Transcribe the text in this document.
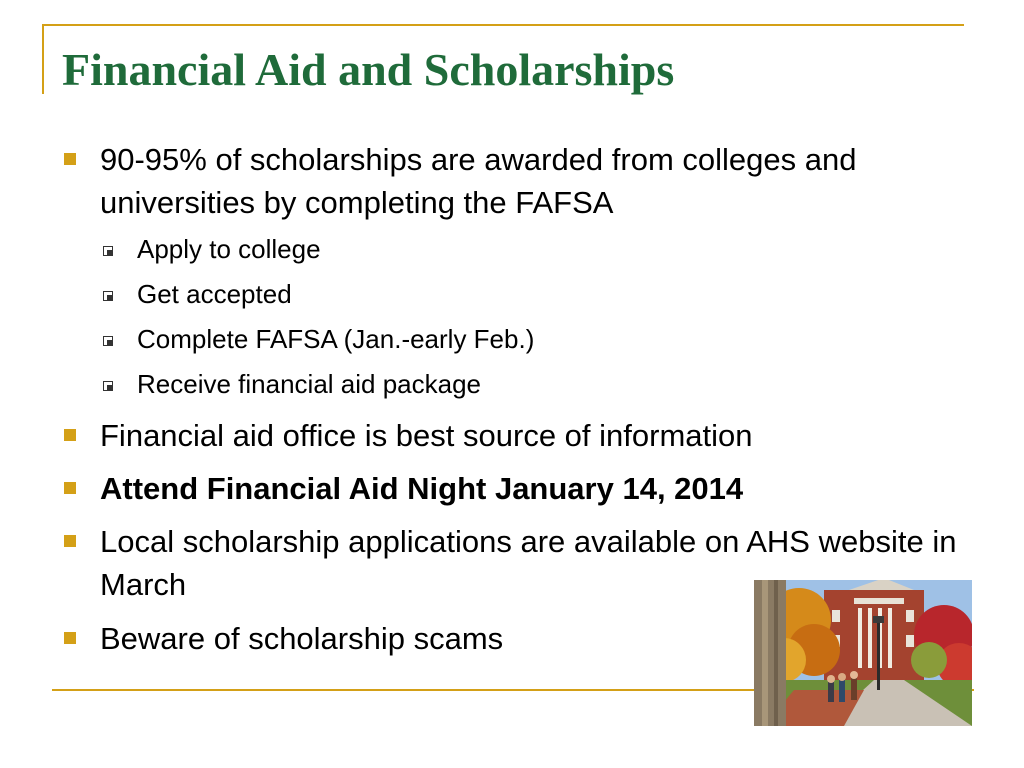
Financial Aid and Scholarships
90-95% of scholarships are awarded from colleges and universities by completing the FAFSA
Apply to college
Get accepted
Complete FAFSA (Jan.-early Feb.)
Receive financial aid package
Financial aid office is best source of information
Attend Financial Aid Night January 14, 2014
Local scholarship applications are available on AHS website in March
Beware of scholarship scams
